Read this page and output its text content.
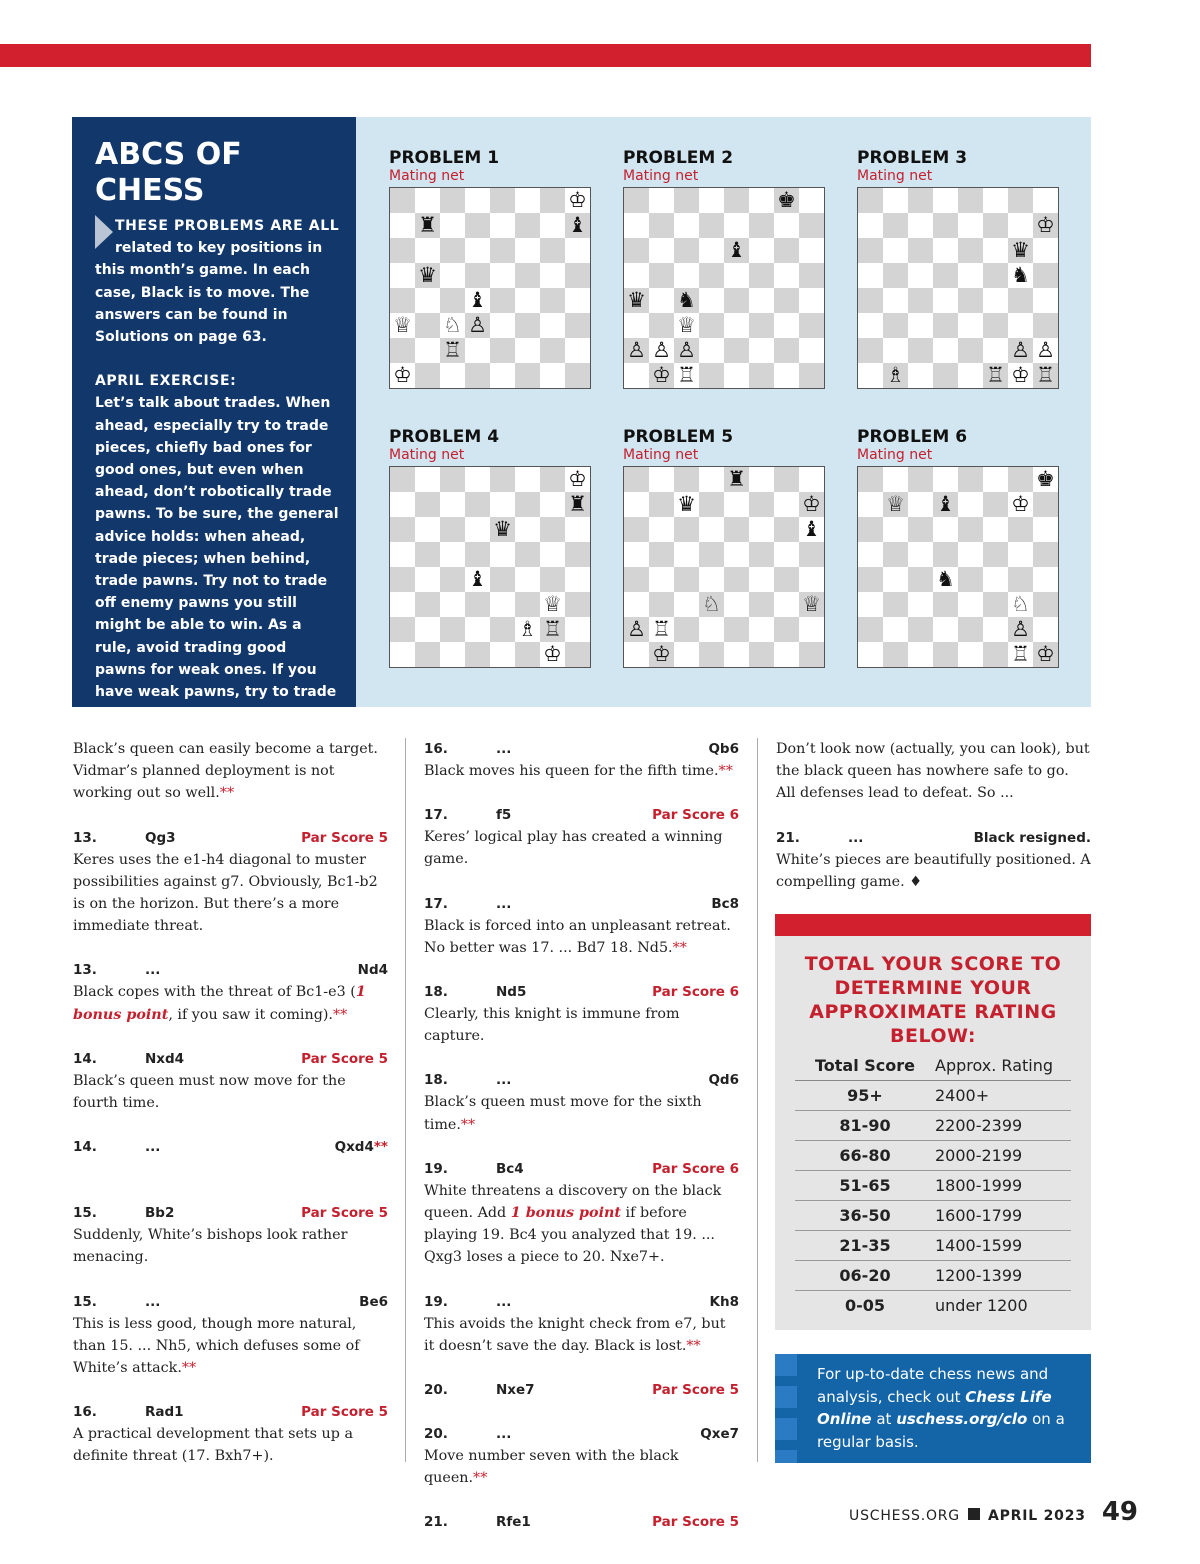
ABCS OF CHESS
THESE PROBLEMS ARE ALL related to key positions in this month’s game. In each case, Black is to move. The answers can be found in Solutions on page 63.
APRIL EXERCISE:
Let’s talk about trades. When ahead, especially try to trade pieces, chiefly bad ones for good ones, but even when ahead, don’t robotically trade pawns. To be sure, the general advice holds: when ahead, trade pieces; when behind, trade pawns. Try not to trade off enemy pawns you still might be able to win. As a rule, avoid trading good pawns for weak ones. If you have weak pawns, try to trade them for healthy enemy pawns. Well, try.
PROBLEM 1
Mating net
♔
♜	♝
♛
♝
♕ ♘ ♙
♖
♔
PROBLEM 2
Mating net
♚
♝
♛ ♞
♕
♙ ♙ ♙
♔ ♖
PROBLEM 3
Mating net
♔
♛
♞
♙ ♙
♗	♖ ♔ ♖
PROBLEM 4
Mating net
♔
♜
♛
♝
♕
♗ ♖
♔
PROBLEM 5
Mating net
♜
♛	♔
♝
♘	♕
♙ ♖
♔
PROBLEM 6
Mating net
♚
♕ ♝	♔
♞
♘
♙
♖ ♔
Black’s queen can easily become a target. Vidmar’s planned deployment is not working out so well.**
13.	Qg3	Par Score 5
Keres uses the e1-h4 diagonal to muster possibilities against g7. Obviously, Bc1-b2 is on the horizon. But there’s a more immediate threat.
13.	...	Nd4
Black copes with the threat of Bc1-e3 (1 bonus point, if you saw it coming).**
14.	Nxd4	Par Score 5
Black’s queen must now move for the fourth time.
14.	...	Qxd4**
15.	Bb2	Par Score 5
Suddenly, White’s bishops look rather menacing.
15.	...	Be6
This is less good, though more natural, than 15. ... Nh5, which defuses some of White’s attack.**
16.	Rad1	Par Score 5
A practical development that sets up a definite threat (17. Bxh7+).
16.	...	Qb6
Black moves his queen for the fifth time.**
17.	f5	Par Score 6
Keres’ logical play has created a winning game.
17.	...	Bc8
Black is forced into an unpleasant retreat. No better was 17. ... Bd7 18. Nd5.**
18.	Nd5	Par Score 6
Clearly, this knight is immune from capture.
18.	...	Qd6
Black’s queen must move for the sixth time.**
19.	Bc4	Par Score 6
White threatens a discovery on the black queen. Add 1 bonus point if before playing 19. Bc4 you analyzed that 19. ... Qxg3 loses a piece to 20. Nxe7+.
19.	...	Kh8
This avoids the knight check from e7, but it doesn’t save the day. Black is lost.**
20.	Nxe7	Par Score 5
20.	...	Qxe7
Move number seven with the black queen.**
21.	Rfe1	Par Score 5
Don’t look now (actually, you can look), but the black queen has nowhere safe to go. All defenses lead to defeat. So ...
21.	...	Black resigned.
White’s pieces are beautifully positioned. A compelling game. ♦
TOTAL YOUR SCORE TO DETERMINE YOUR APPROXIMATE RATING BELOW:
Total Score	Approx. Rating
95+	2400+
81-90	2200-2399
66-80	2000-2199
51-65	1800-1999
36-50	1600-1799
21-35	1400-1599
06-20	1200-1399
0-05	under 1200
For up-to-date chess news and analysis, check out Chess Life Online at uschess.org/clo on a regular basis.
USCHESS.ORG APRIL 2023 49
